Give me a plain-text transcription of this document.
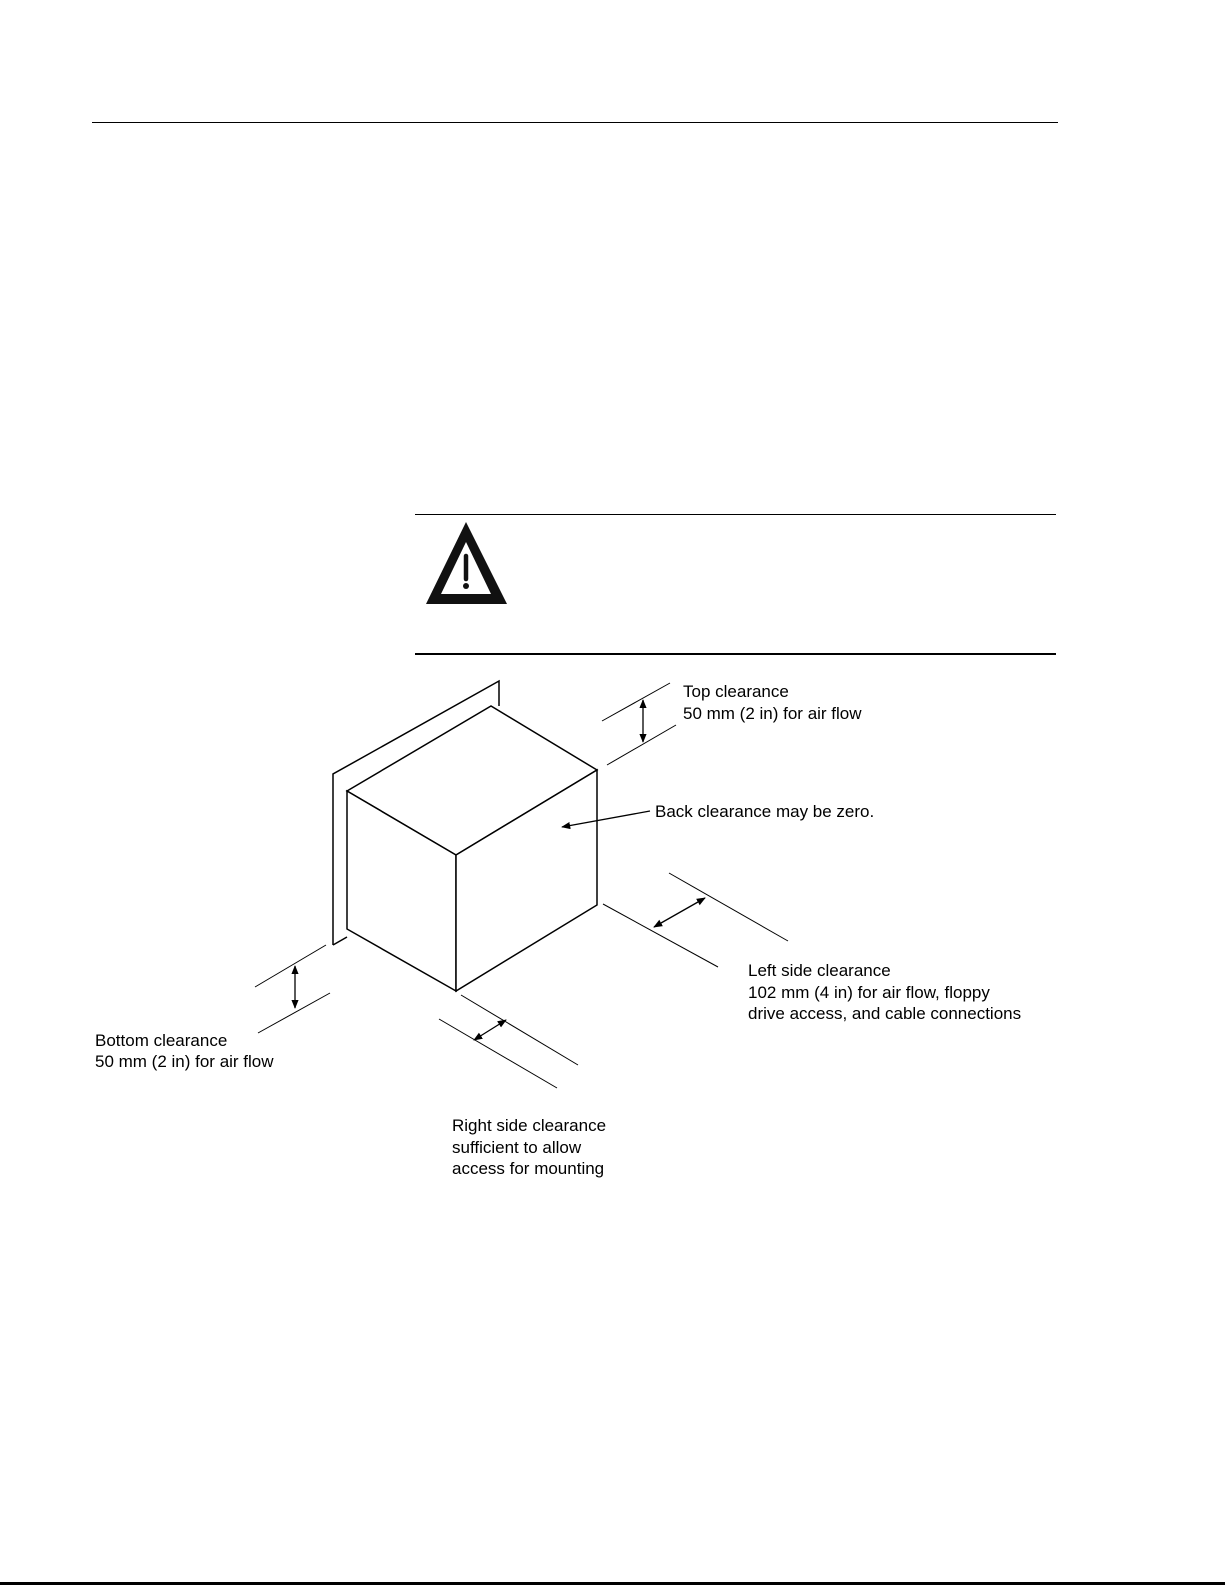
Top clearance 50 mm (2 in) for air flow
Back clearance may be zero.
Left side clearance 102 mm (4 in) for air flow, floppy drive access, and cable connections
Bottom clearance 50 mm (2 in) for air flow
Right side clearance sufficient to allow access for mounting
